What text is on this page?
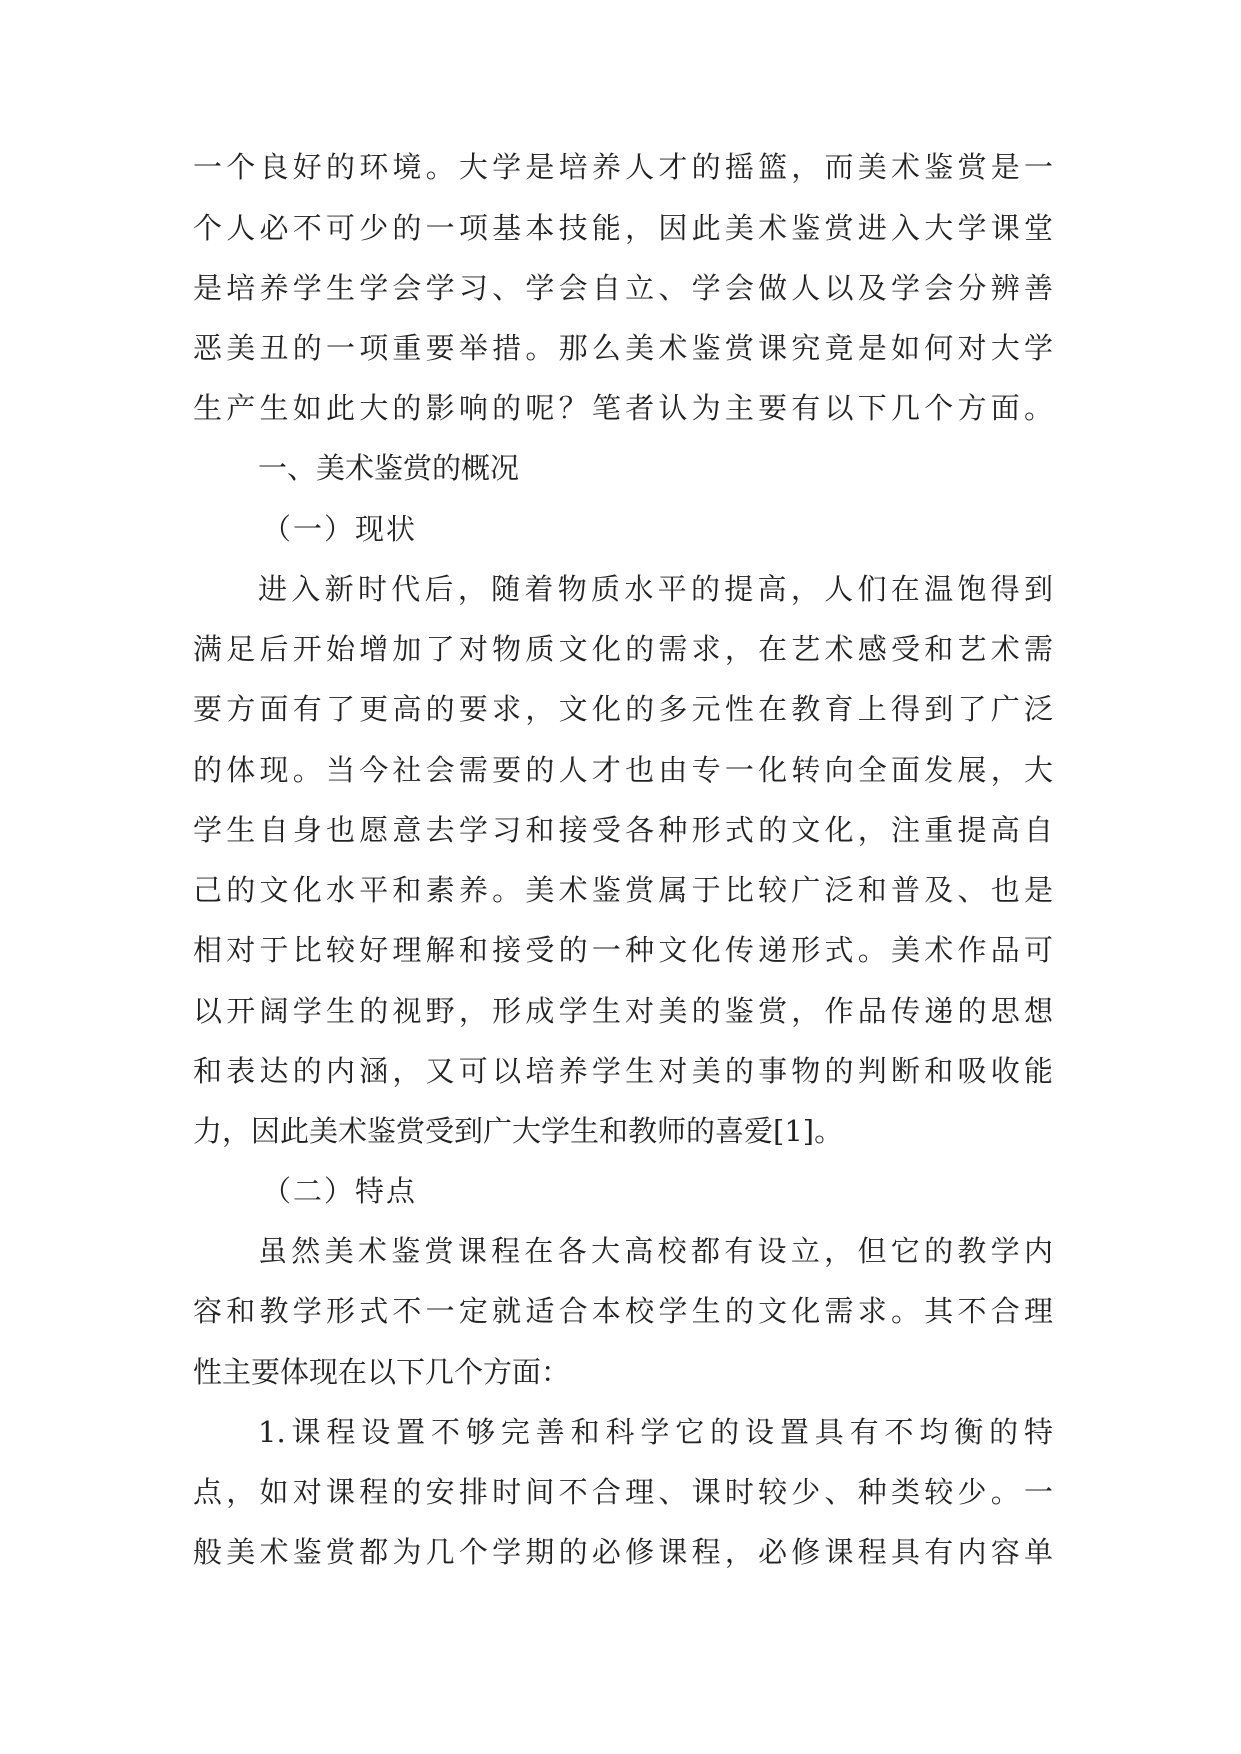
一个良好的环境。大学是培养人才的摇篮，而美术鉴赏是一
个人必不可少的一项基本技能，因此美术鉴赏进入大学课堂
是培养学生学会学习、学会自立、学会做人以及学会分辨善
恶美丑的一项重要举措。那么美术鉴赏课究竟是如何对大学
生产生如此大的影响的呢？笔者认为主要有以下几个方面。
一、美术鉴赏的概况
（一）现状
进入新时代后，随着物质水平的提高，人们在温饱得到
满足后开始增加了对物质文化的需求，在艺术感受和艺术需
要方面有了更高的要求，文化的多元性在教育上得到了广泛
的体现。当今社会需要的人才也由专一化转向全面发展，大
学生自身也愿意去学习和接受各种形式的文化，注重提高自
己的文化水平和素养。美术鉴赏属于比较广泛和普及、也是
相对于比较好理解和接受的一种文化传递形式。美术作品可
以开阔学生的视野，形成学生对美的鉴赏，作品传递的思想
和表达的内涵，又可以培养学生对美的事物的判断和吸收能
力，因此美术鉴赏受到广大学生和教师的喜爱[1]。
（二）特点
虽然美术鉴赏课程在各大高校都有设立，但它的教学内
容和教学形式不一定就适合本校学生的文化需求。其不合理
性主要体现在以下几个方面：
1.课程设置不够完善和科学它的设置具有不均衡的特
点，如对课程的安排时间不合理、课时较少、种类较少。一
般美术鉴赏都为几个学期的必修课程，必修课程具有内容单
